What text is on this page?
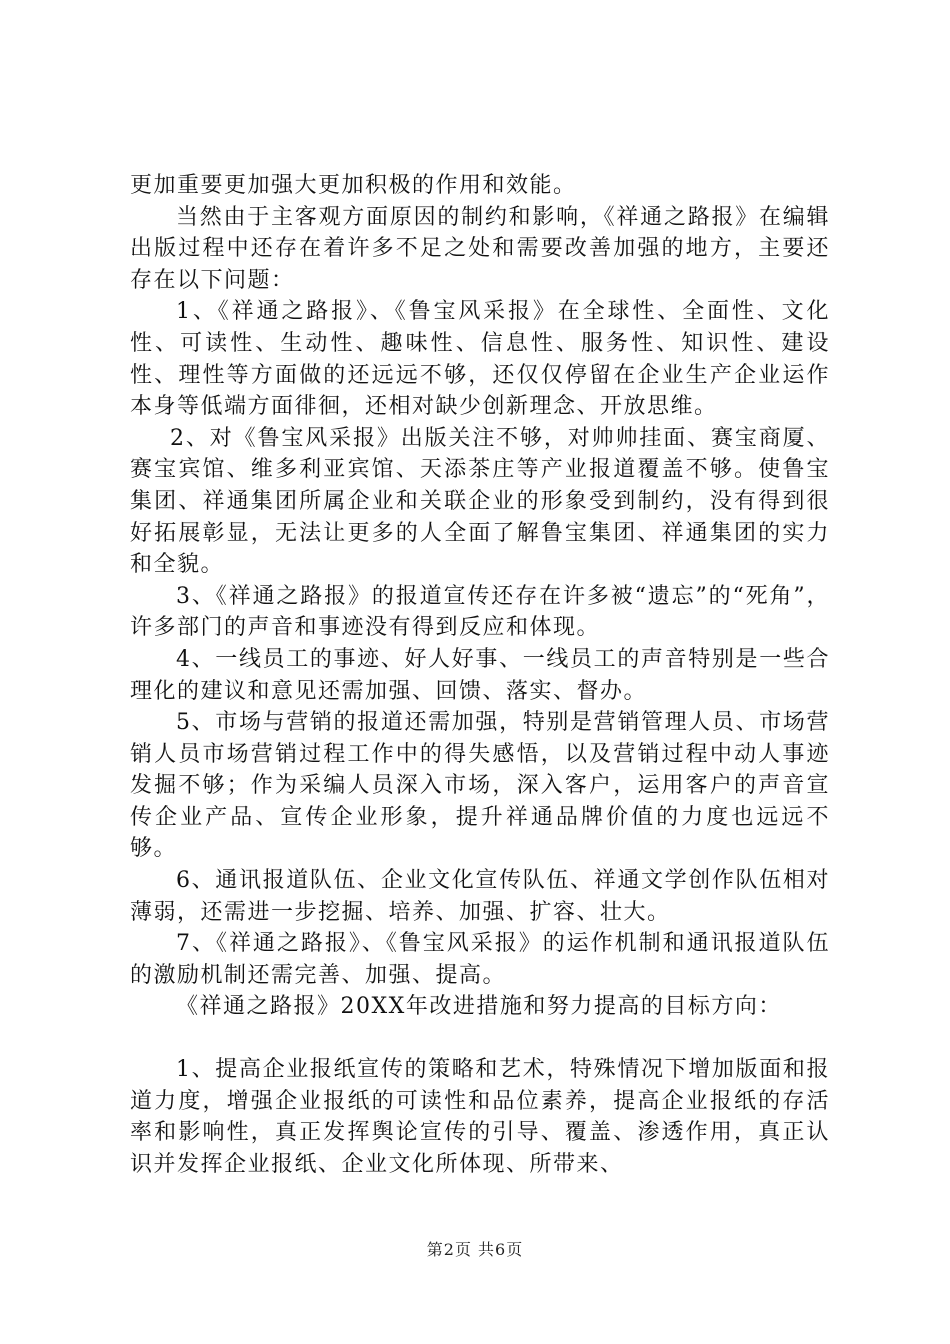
更加重要更加强大更加积极的作用和效能。

当然由于主客观方面原因的制约和影响，《祥通之路报》在编辑出版过程中还存在着许多不足之处和需要改善加强的地方，主要还存在以下问题：

1、《祥通之路报》、《鲁宝风采报》在全球性、全面性、文化性、可读性、生动性、趣味性、信息性、服务性、知识性、建设性、理性等方面做的还远远不够，还仅仅停留在企业生产企业运作本身等低端方面徘徊，还相对缺少创新理念、开放思维。

2、对《鲁宝风采报》出版关注不够，对帅帅挂面、赛宝商厦、赛宝宾馆、维多利亚宾馆、天添茶庄等产业报道覆盖不够。使鲁宝集团、祥通集团所属企业和关联企业的形象受到制约，没有得到很好拓展彰显，无法让更多的人全面了解鲁宝集团、祥通集团的实力和全貌。

3、《祥通之路报》的报道宣传还存在许多被“遗忘”的“死角”，许多部门的声音和事迹没有得到反应和体现。

4、一线员工的事迹、好人好事、一线员工的声音特别是一些合理化的建议和意见还需加强、回馈、落实、督办。

5、市场与营销的报道还需加强，特别是营销管理人员、市场营销人员市场营销过程工作中的得失感悟，以及营销过程中动人事迹发掘不够；作为采编人员深入市场，深入客户，运用客户的声音宣传企业产品、宣传企业形象，提升祥通品牌价值的力度也远远不够。

6、通讯报道队伍、企业文化宣传队伍、祥通文学创作队伍相对薄弱，还需进一步挖掘、培养、加强、扩容、壮大。

7、《祥通之路报》、《鲁宝风采报》的运作机制和通讯报道队伍的激励机制还需完善、加强、提高。

《祥通之路报》20XX年改进措施和努力提高的目标方向：

1、提高企业报纸宣传的策略和艺术，特殊情况下增加版面和报道力度，增强企业报纸的可读性和品位素养，提高企业报纸的存活率和影响性，真正发挥舆论宣传的引导、覆盖、渗透作用，真正认识并发挥企业报纸、企业文化所体现、所带来、

第2页 共6页
